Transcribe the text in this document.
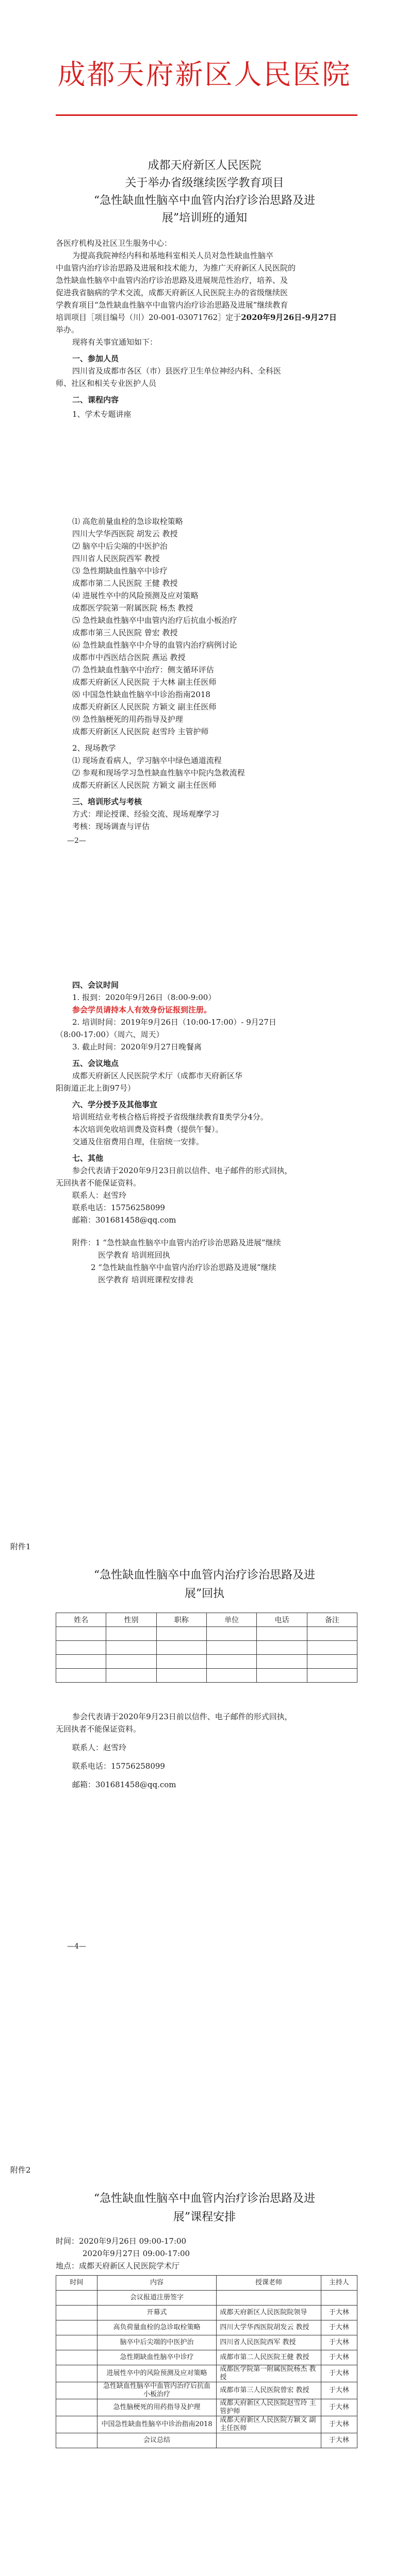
成都天府新区人民医院
成都天府新区人民医院
关于举办省级继续医学教育项目
“急性缺血性脑卒中血管内治疗诊治思路及进
展”培训班的通知
各医疗机构及社区卫生服务中心：
为提高我院神经内科和基地科室相关人员对急性缺血性脑卒
中血管内治疗诊治思路及进展和技术能力，为推广天府新区人民医院的
急性缺血性脑卒中血管内治疗诊治思路及进展规范性治疗，培养、及
促进我省脑病的学术交流，成都天府新区人民医院主办的省级继续医
学教育项目“急性缺血性脑卒中血管内治疗诊治思路及进展”继续教育
培训项目［项目编号（川）20-001-03071762］定于2020年9月26日-9月27日
举办。
现将有关事宜通知如下：
一、参加人员
四川省及成都市各区（市）县医疗卫生单位神经内科、全科医
师、社区和相关专业医护人员
二、课程内容
1、学术专题讲座
⑴ 高危前量血栓的急诊取栓策略
四川大学华西医院 胡发云 教授
⑵ 脑卒中后尖端的中医护治
四川省人民医院西军 教授
⑶ 急性期缺血性脑卒中诊疗
成都市第二人民医院 王健 教授
⑷ 进展性卒中的风险预测及应对策略
成都医学院第一附属医院 杨杰 教授
⑸ 急性缺血性脑卒中血管内治疗后抗血小板治疗
成都市第三人民医院 曾宏 教授
⑹ 急性缺血性脑卒中介导的血管内治疗病例讨论
成都市中西医结合医院 燕运 教授
⑺ 急性缺血性脑卒中治疗：侧支循环评估
成都天府新区人民医院 于大林 副主任医师
⑻ 中国急性缺血性脑卒中诊治指南2018
成都天府新区人民医院 方颖文 副主任医师
⑼ 急性脑梗死的用药指导及护理
成都天府新区人民医院 赵雪玲 主管护师
2、现场教学
⑴ 现场查看病人，学习脑卒中绿色通道流程
⑵ 参观和现场学习急性缺血性脑卒中院内急救流程
成都天府新区人民医院 方颖文 副主任医师
三、培训形式与考核
方式：理论授课、经验交流、现场观摩学习
考核：现场调查与评估
—2—
四、会议时间
1. 报到：2020年9月26日（8:00-9:00）
参会学员请持本人有效身份证报到注册。
2. 培训时间：2019年9月26日（10:00-17:00）- 9月27日
（8:00-17:00）（周六、周天）
3. 截止时间：2020年9月27日晚餐离
五、会议地点
成都天府新区人民医院学术厅（成都市天府新区华
阳街道正北上街97号）
六、学分授予及其他事宜
培训班结业考核合格后将授予省级继续教育Ⅱ类学分4分。
本次培训免收培训费及资料费（提供午餐）。
交通及住宿费用自理，住宿统一安排。
七、其他
参会代表请于2020年9月23日前以信件、电子邮件的形式回执，
无回执者不能保证资料。
联系人：赵雪玲
联系电话：15756258099
邮箱：301681458@qq.com
附件：1 “急性缺血性脑卒中血管内治疗诊治思路及进展”继续
医学教育 培训班回执
2 “急性缺血性脑卒中血管内治疗诊治思路及进展”继续
医学教育 培训班课程安排表
附件1
“急性缺血性脑卒中血管内治疗诊治思路及进
展”回执
姓名	性别	职称	单位	电话	备注

参会代表请于2020年9月23日前以信件、电子邮件的形式回执，
无回执者不能保证资料。
联系人：赵雪玲
联系电话：15756258099
邮箱：301681458@qq.com
—4—
附件2
“急性缺血性脑卒中血管内治疗诊治思路及进
展”课程安排
时间：2020年9月26日 09:00-17:00
2020年9月27日 09:00-17:00
地点：成都天府新区人民医院学术厅
时间	内容	授课老师	主持人
	会议报道注册签字		
	开幕式	成都天府新区人民医院院领导	于大林
	高负荷量血栓的急诊取栓策略	四川大学华西医院胡发云 教授	于大林
	脑卒中后尖端的中医护治	四川省人民医院西军 教授	于大林
	急性期缺血性脑卒中诊疗	成都市第二人民医院王健 教授	于大林
	进展性卒中的风险预测及应对策略	成都医学院第一附属医院杨杰 教授	于大林
	急性缺血性脑卒中血管内治疗后抗血小板治疗	成都市第三人民医院曾宏 教授	于大林
	急性脑梗死的用药指导及护理	成都天府新区人民医院赵雪玲 主管护师	于大林
	中国急性缺血性脑卒中诊治指南2018	成都天府新区人民医院方颖文 副主任医师	于大林
	会议总结		于大林
